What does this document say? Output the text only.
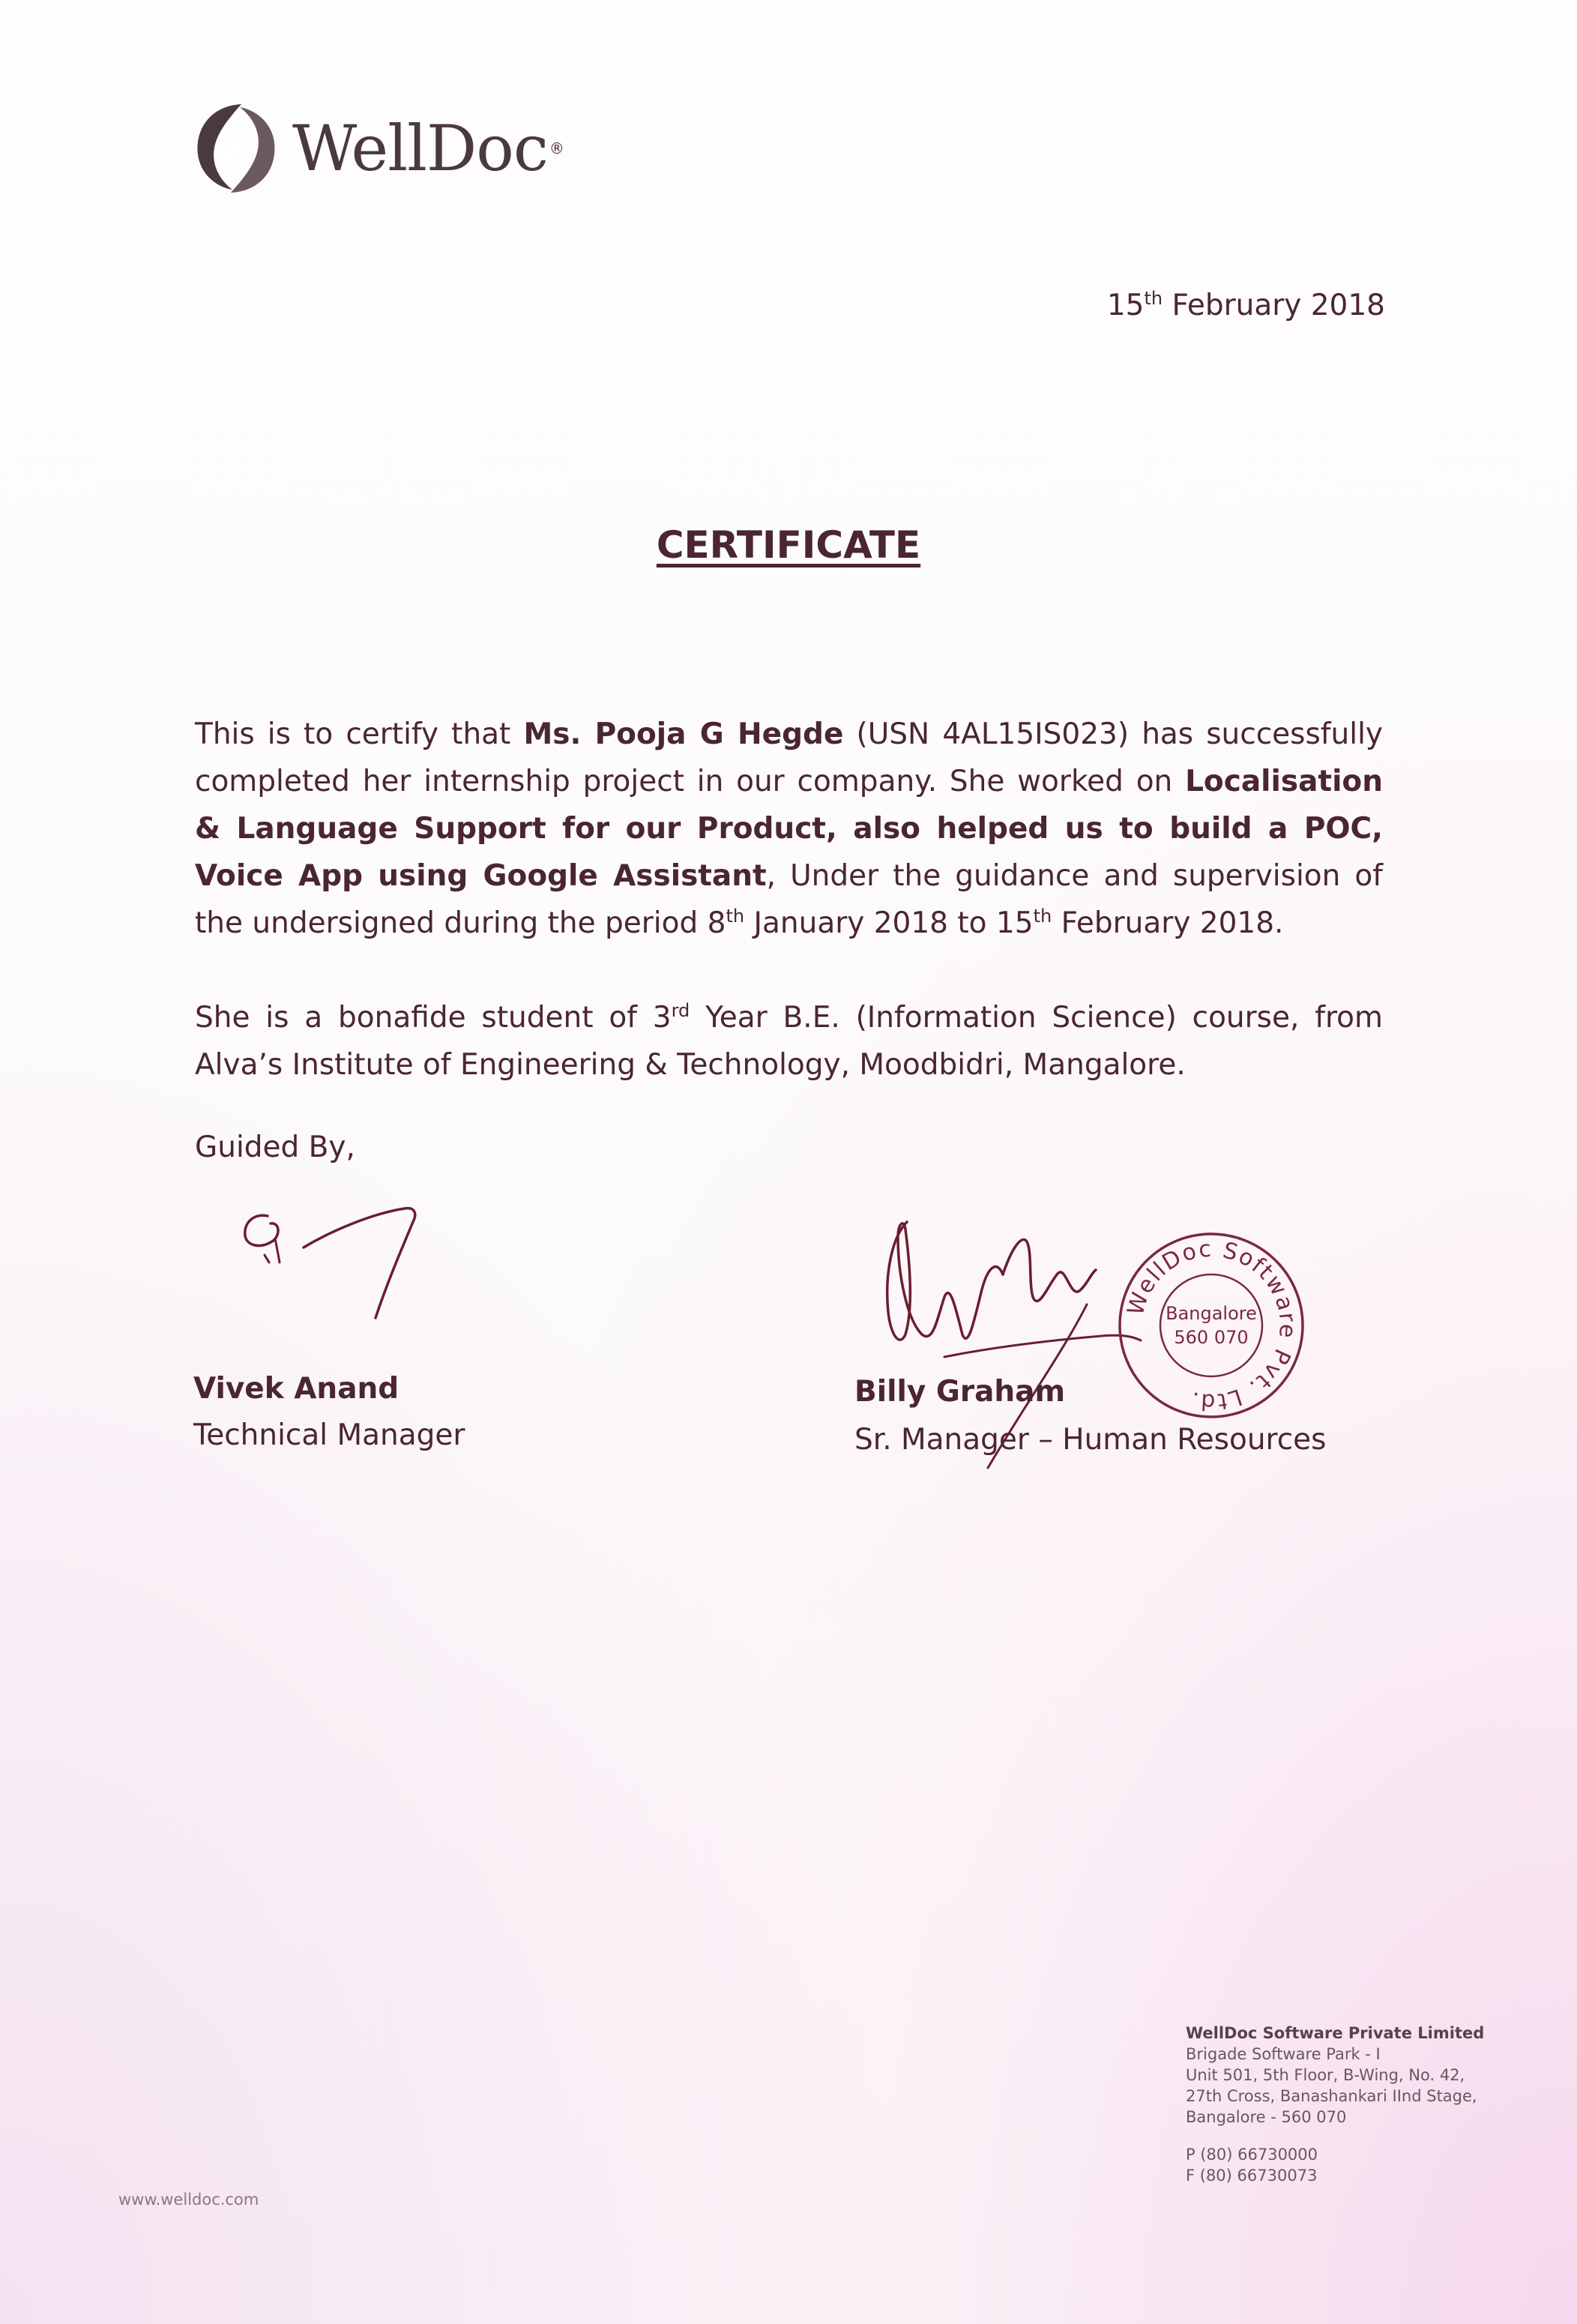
WellDoc ®
15th February 2018
CERTIFICATE
This is to certify that Ms. Pooja G Hegde (USN 4AL15IS023) has successfully completed her internship project in our company. She worked on Localisation & Language Support for our Product, also helped us to build a POC, Voice App using Google Assistant, Under the guidance and supervision of the undersigned during the period 8th January 2018 to 15th February 2018.
She is a bonafide student of 3rd Year B.E. (Information Science) course, from Alva’s Institute of Engineering & Technology, Moodbidri, Mangalore.
Guided By,
WellDoc Software Pvt. Ltd.
Bangalore
560 070
Vivek Anand
Technical Manager
Billy Graham
Sr. Manager – Human Resources
WellDoc Software Private Limited
Brigade Software Park - I
Unit 501, 5th Floor, B-Wing, No. 42,
27th Cross, Banashankari IInd Stage,
Bangalore - 560 070
P (80) 66730000
F (80) 66730073
www.welldoc.com
